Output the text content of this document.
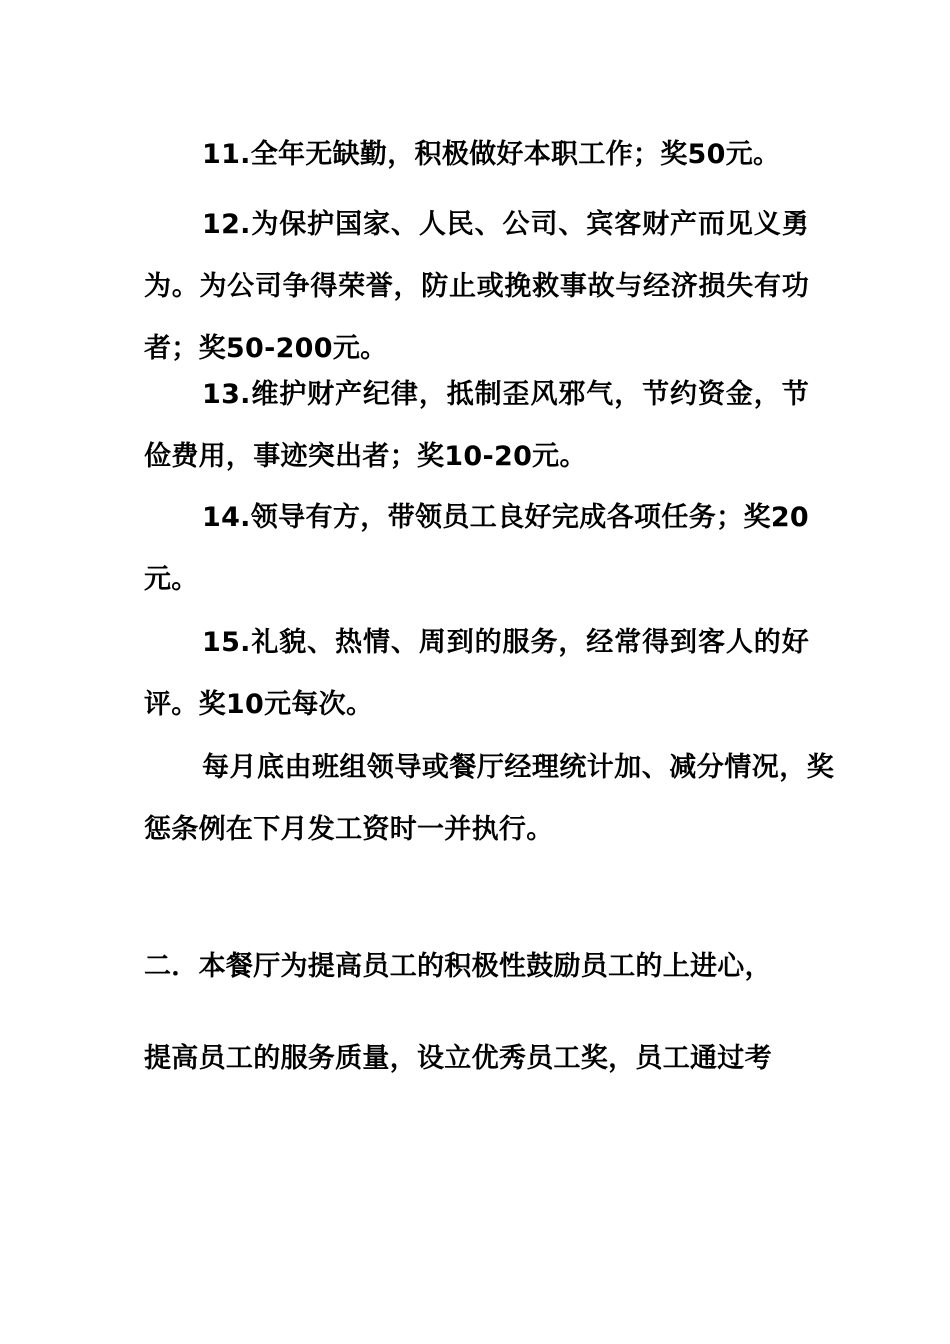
11.全年无缺勤，积极做好本职工作；奖50元。

12.为保护国家、人民、公司、宾客财产而见义勇为。为公司争得荣誉，防止或挽救事故与经济损失有功者；奖50-200元。

13.维护财产纪律，抵制歪风邪气，节约资金，节俭费用，事迹突出者；奖10-20元。

14.领导有方，带领员工良好完成各项任务；奖20元。

15.礼貌、热情、周到的服务，经常得到客人的好评。奖10元每次。

每月底由班组领导或餐厅经理统计加、减分情况，奖惩条例在下月发工资时一并执行。

二．本餐厅为提高员工的积极性鼓励员工的上进心，

提高员工的服务质量，设立优秀员工奖，员工通过考
